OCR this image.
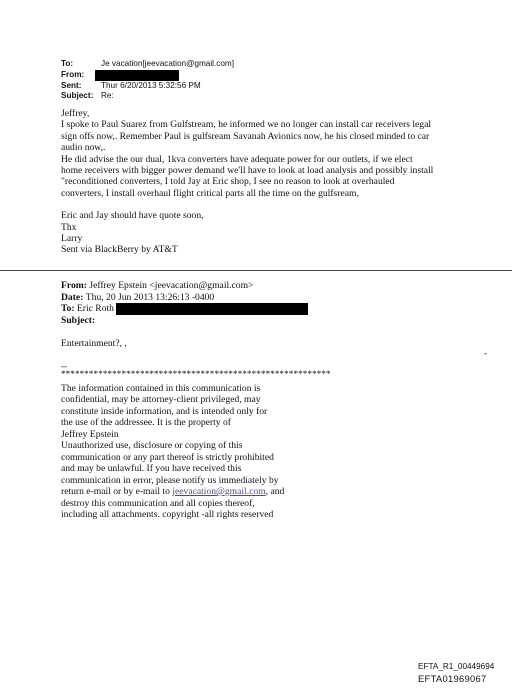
To:	Je vacation[jeevacation@gmail.com]
From:
Sent:	Thur 6/20/2013 5:32:56 PM
Subject: Re:

Jeffrey,

I spoke to Paul Suarez from Gulfstream, he informed we no longer can install car receivers legal

sign offs now,. Remember Paul is gulfsream Savanah Avionics now, he his closed minded to car

audio now,.

He did advise the our dual, 1kva converters have adequate power for our outlets, if we elect

home receivers with bigger power demand we'll have to look at load analysis and possibly install

"reconditioned converters, I told Jay at Eric shop, I see no reason to look at overhauled

converters, I install overhaul flight critical parts all the time on the gulfsream,

Eric and Jay should have quote soon,

Thx

Larry

Sent via BlackBerry by AT&T

From:
Jeffrey Epstein <jeevacation@gmail.com>
Date:
Thu, 20 Jun 2013 13:26:13 -0400
To:
Eric Roth
Subject:
Entertainment?, ,
-
--
**********************************************************
The information contained in this communication is
confidential, may be attorney-client privileged, may
constitute inside information, and is intended only for
the use of the addressee. It is the property of
Jeffrey Epstein
Unauthorized use, disclosure or copying of this
communication or any part thereof is strictly prohibited
and may be unlawful. If you have received this
communication in error, please notify us immediately by
return e-mail or by e-mail to jeevacation@gmail.com, and
destroy this communication and all copies thereof,
including all attachments. copyright -all rights reserved
EFTA_R1_00449694
EFTA01969067
